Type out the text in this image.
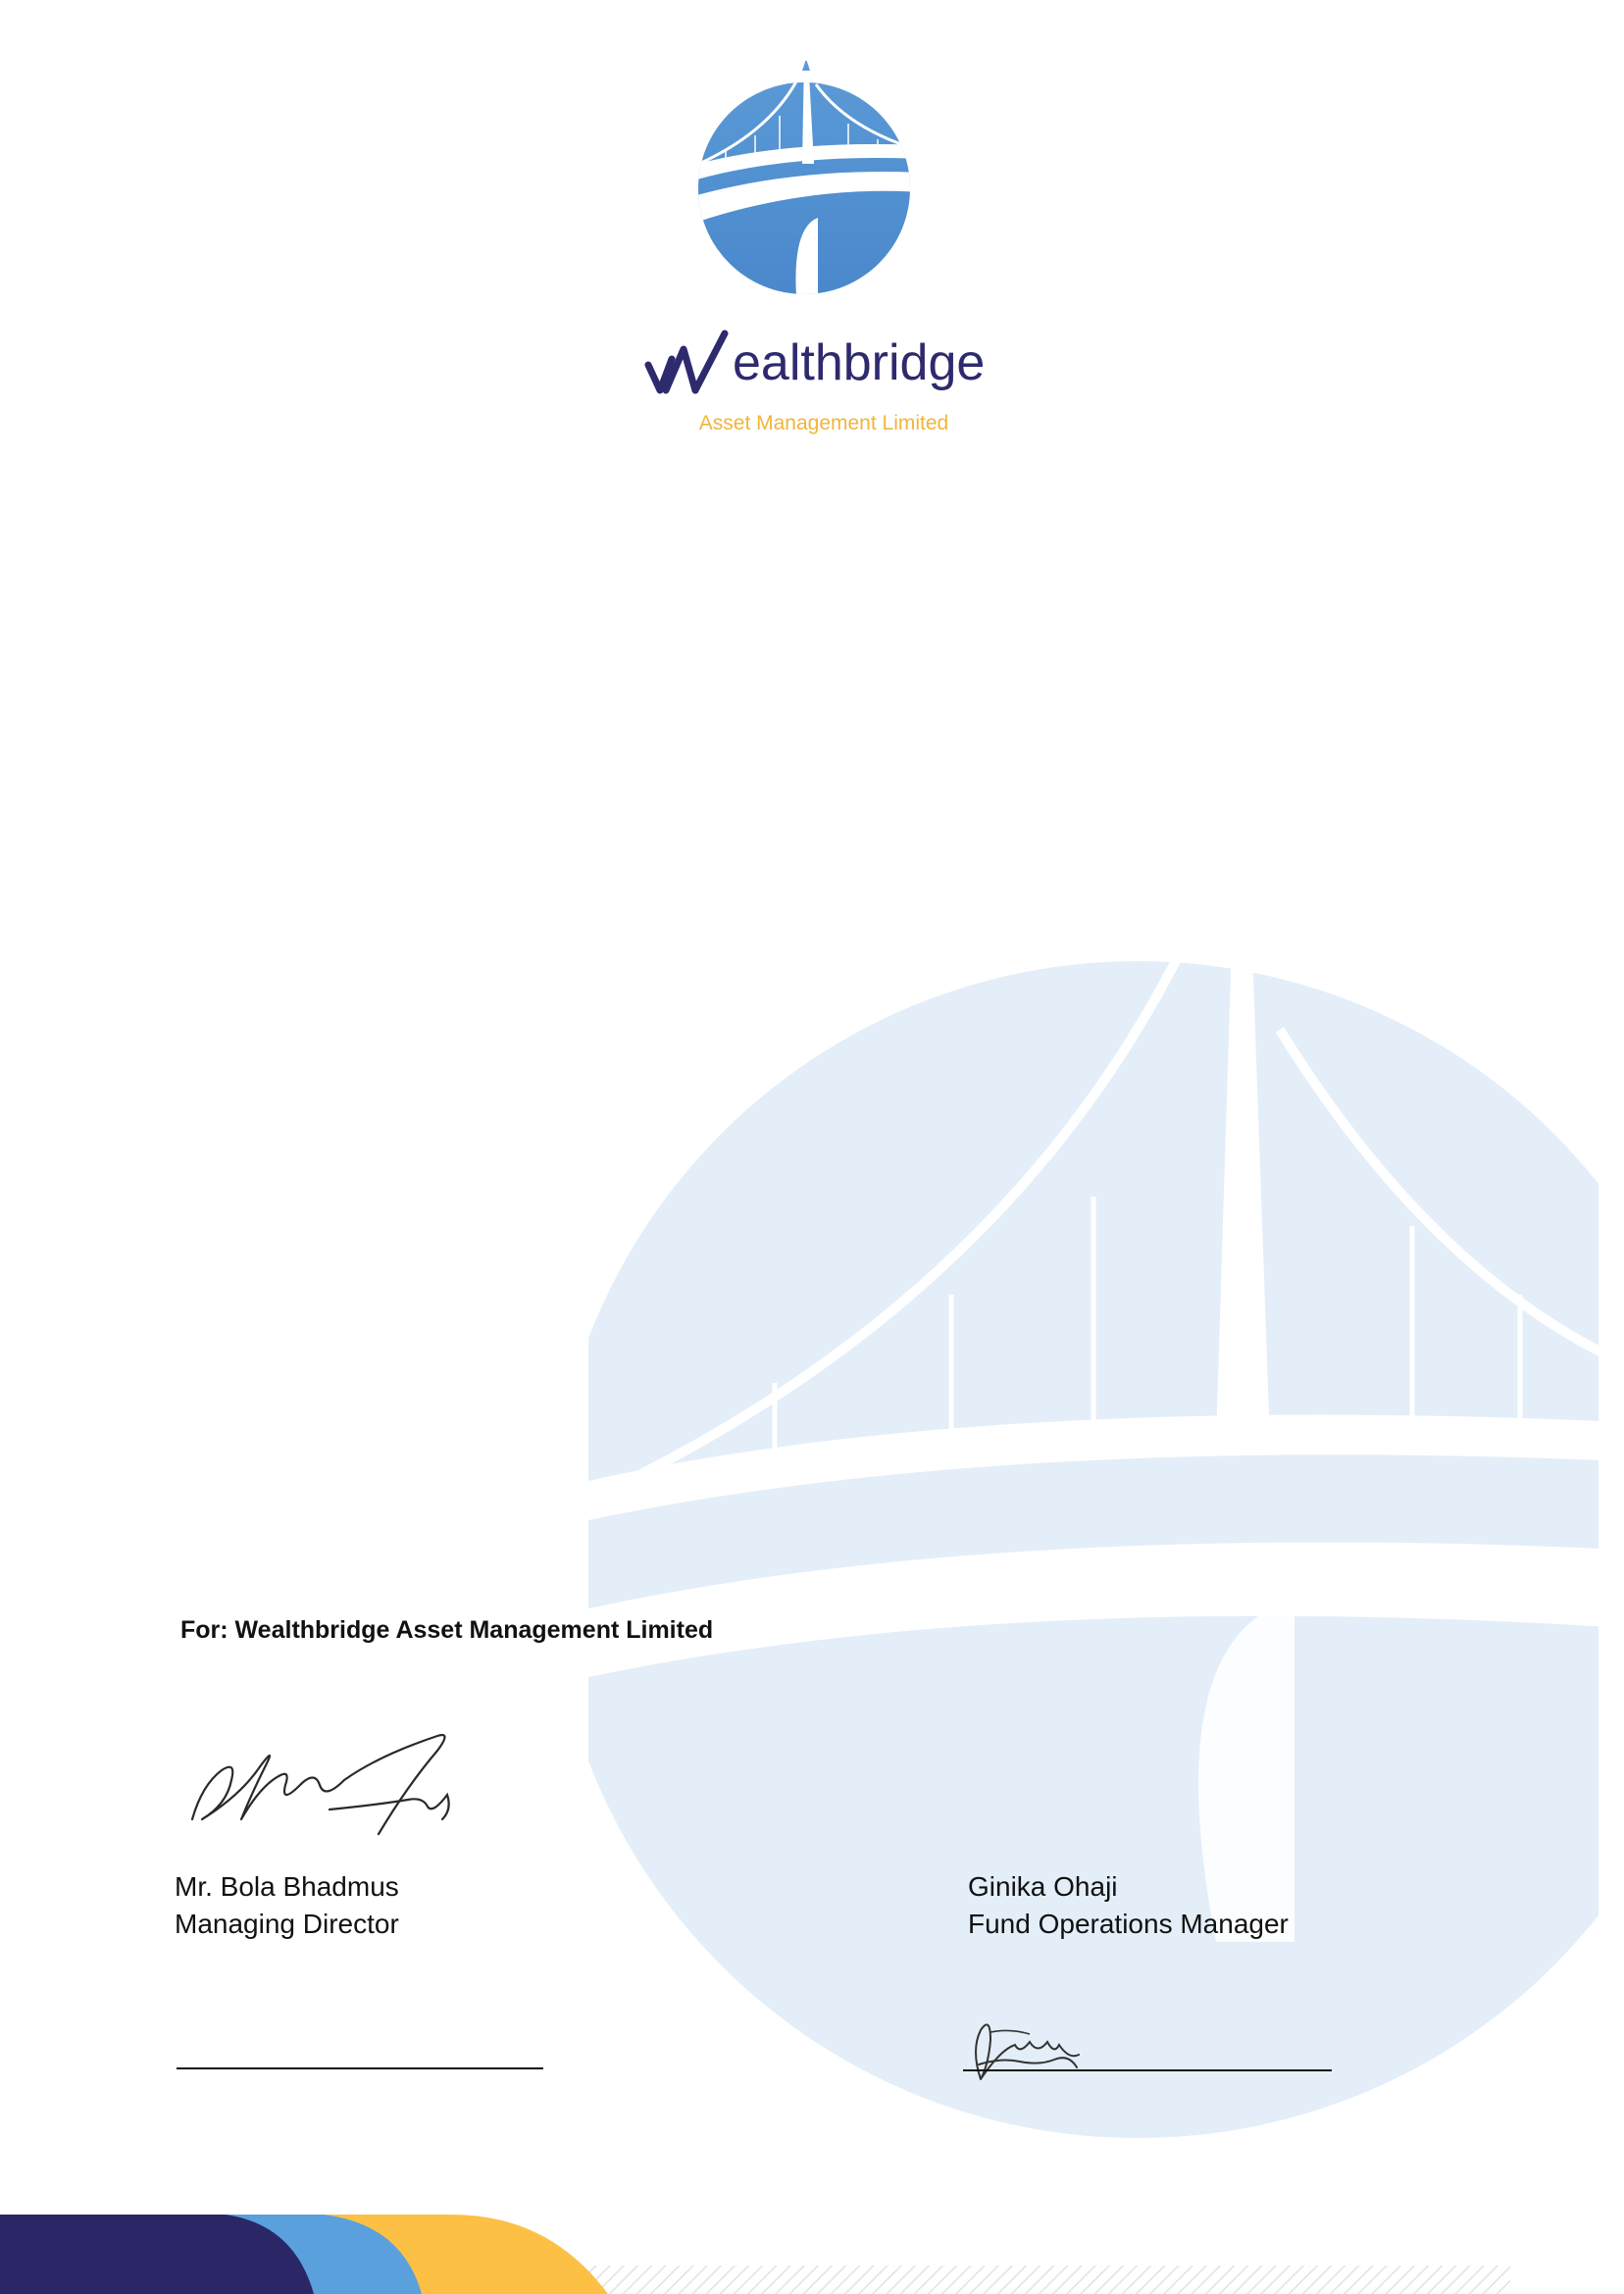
ealthbridge
Asset Management Limited
For: Wealthbridge Asset Management Limited
Mr. Bola Bhadmus
Managing Director
Ginika Ohaji
Fund Operations Manager
